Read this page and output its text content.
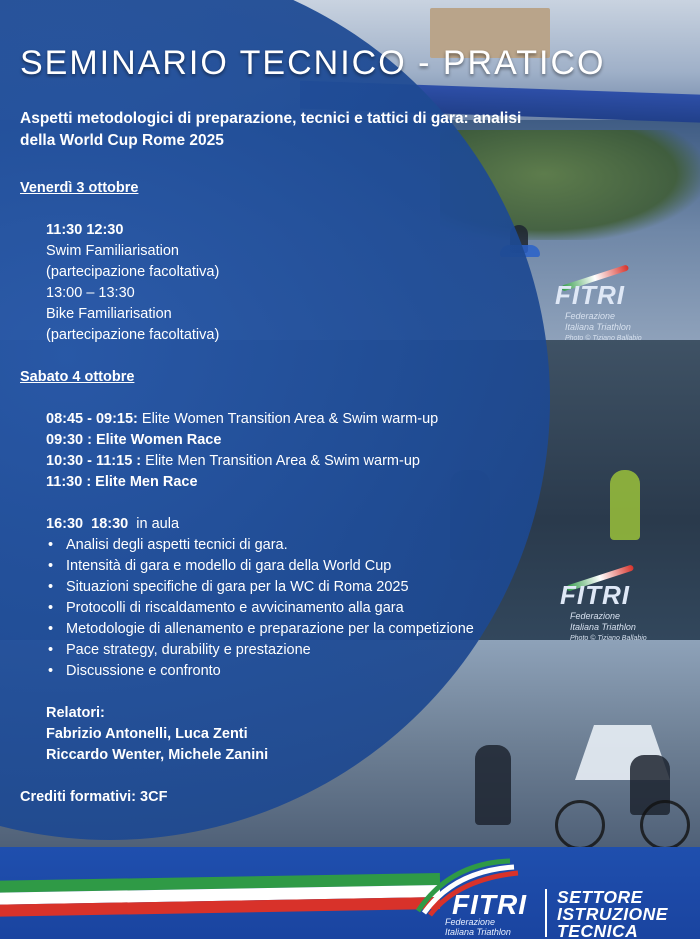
FITRI
Federazione
Italiana Triathlon
Photo © Tiziano Ballabio
FITRI
Federazione
Italiana Triathlon
Photo © Tiziano Ballabio
SEMINARIO TECNICO - PRATICO
Aspetti metodologici di preparazione, tecnici e tattici di gara: analisi
della World Cup Rome 2025
Venerdì 3 ottobre
11:30 12:30
Swim Familiarisation
(partecipazione facoltativa)
13:00 – 13:30
Bike Familiarisation
(partecipazione facoltativa)
Sabato 4 ottobre
08:45 - 09:15: Elite Women Transition Area & Swim warm-up
09:30 : Elite Women Race
10:30 - 11:15 : Elite Men Transition Area & Swim warm-up
11:30 : Elite Men Race
16:30  18:30  in aula
• Analisi degli aspetti tecnici di gara.
• Intensità di gara e modello di gara della World Cup
• Situazioni specifiche di gara per la WC di Roma 2025
• Protocolli di riscaldamento e avvicinamento alla gara
• Metodologie di allenamento e preparazione per la competizione
• Pace strategy, durability e prestazione
• Discussione e confronto
Relatori:
Fabrizio Antonelli, Luca Zenti
Riccardo Wenter, Michele Zanini
Crediti formativi: 3CF
FITRI
Federazione
Italiana Triathlon
SETTORE
ISTRUZIONE
TECNICA
